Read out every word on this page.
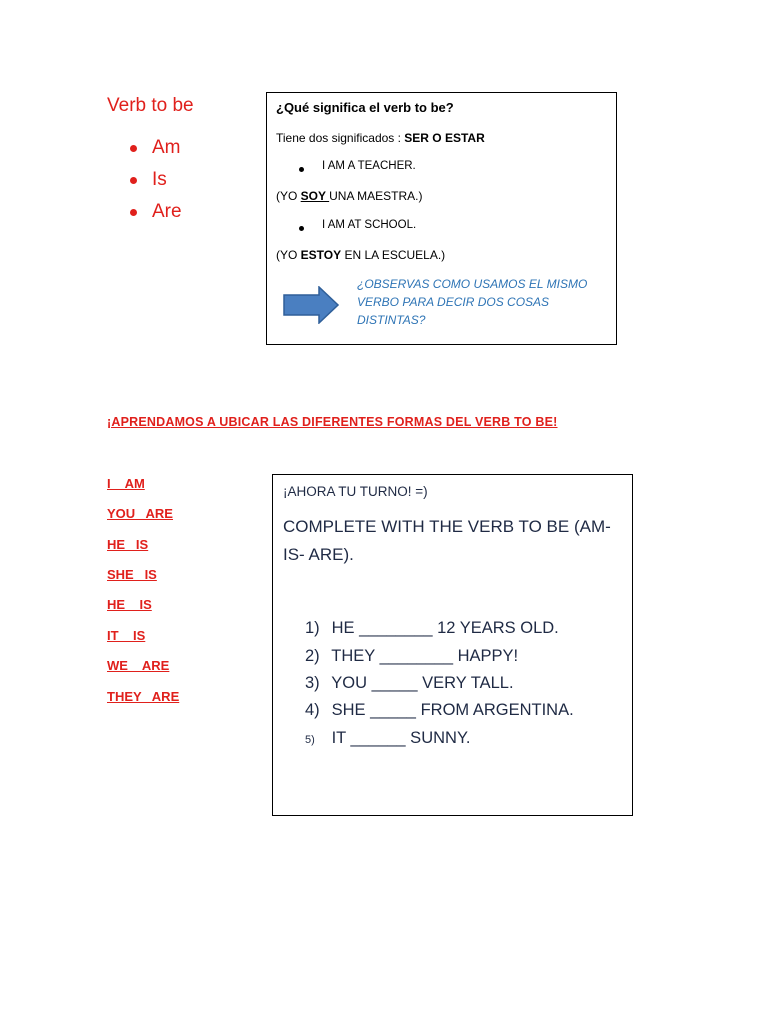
Verb to be
Am
Is
Are
¿Qué significa el verb to be?
Tiene dos significados : SER O ESTAR
I AM A TEACHER.
(YO SOY UNA MAESTRA.)
I AM AT SCHOOL.
(YO ESTOY EN LA ESCUELA.)
¿OBSERVAS COMO USAMOS EL MISMO VERBO PARA DECIR DOS COSAS DISTINTAS?
¡APRENDAMOS A UBICAR LAS DIFERENTES FORMAS DEL VERB TO BE!
I    AM
YOU   ARE
HE   IS
SHE   IS
HE    IS
IT    IS
WE    ARE
THEY   ARE
¡AHORA TU TURNO! =)
COMPLETE WITH THE VERB TO BE (AM- IS- ARE).
1) HE ________ 12 YEARS OLD.
2) THEY ________ HAPPY!
3) YOU _____ VERY TALL.
4) SHE _____ FROM ARGENTINA.
5) IT ______ SUNNY.
